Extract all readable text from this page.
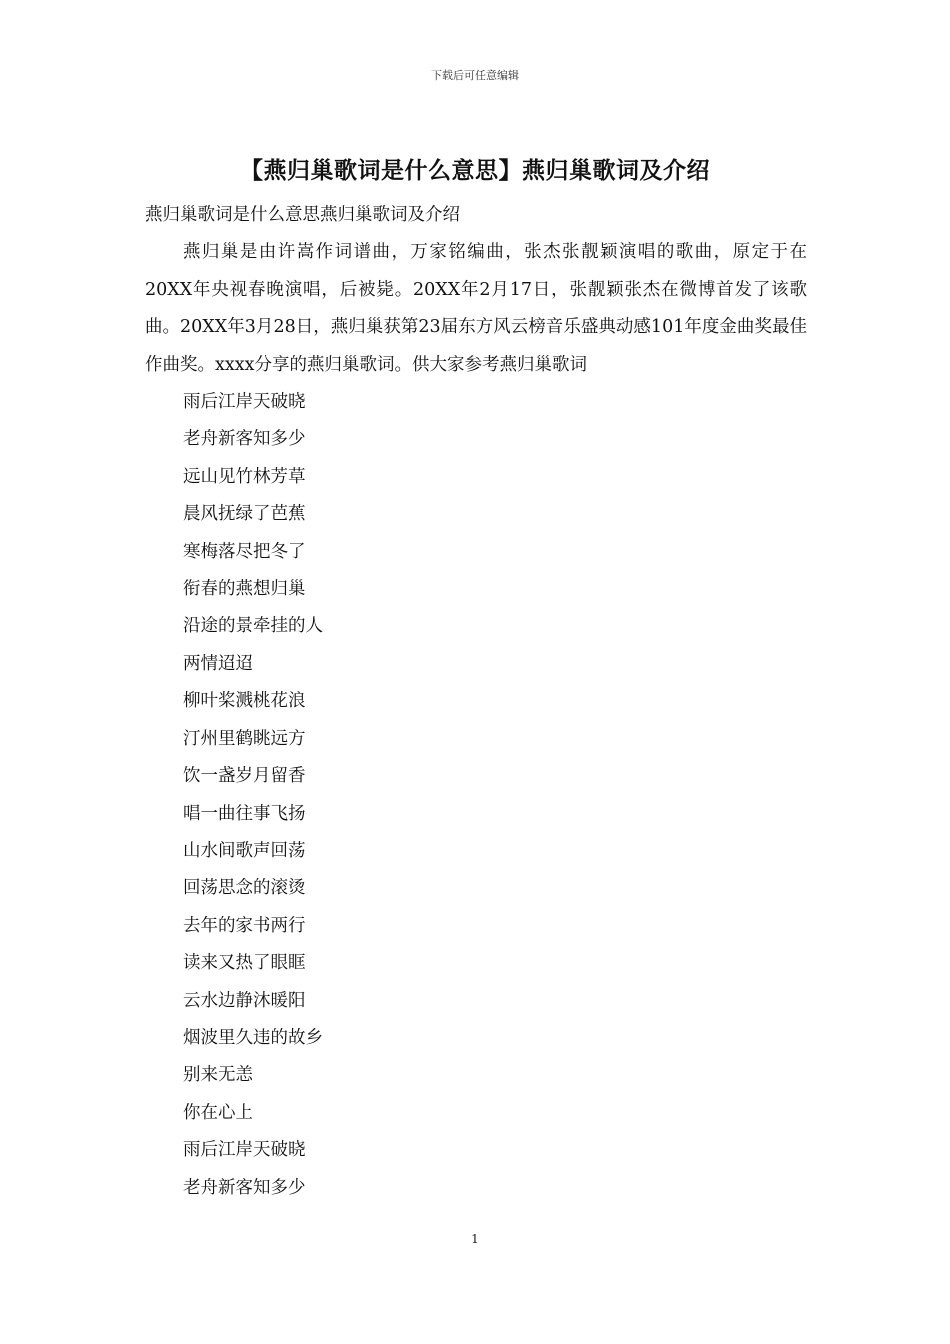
下载后可任意编辑
【燕归巢歌词是什么意思】燕归巢歌词及介绍

燕归巢歌词是什么意思燕归巢歌词及介绍

燕归巢是由许嵩作词谱曲，万家铭编曲，张杰张靓颖演唱的歌曲，原定于在20XX年央视春晚演唱，后被毙。20XX年2月17日，张靓颖张杰在微博首发了该歌曲。20XX年3月28日，燕归巢获第23届东方风云榜音乐盛典动感101年度金曲奖最佳作曲奖。xxxx分享的燕归巢歌词。供大家参考燕归巢歌词

雨后江岸天破晓
老舟新客知多少
远山见竹林芳草
晨风抚绿了芭蕉
寒梅落尽把冬了
衔春的燕想归巢
沿途的景牵挂的人
两情迢迢
柳叶桨溅桃花浪
汀州里鹤眺远方
饮一盏岁月留香
唱一曲往事飞扬
山水间歌声回荡
回荡思念的滚烫
去年的家书两行
读来又热了眼眶
云水边静沐暖阳
烟波里久违的故乡
别来无恙
你在心上
雨后江岸天破晓
老舟新客知多少
1
